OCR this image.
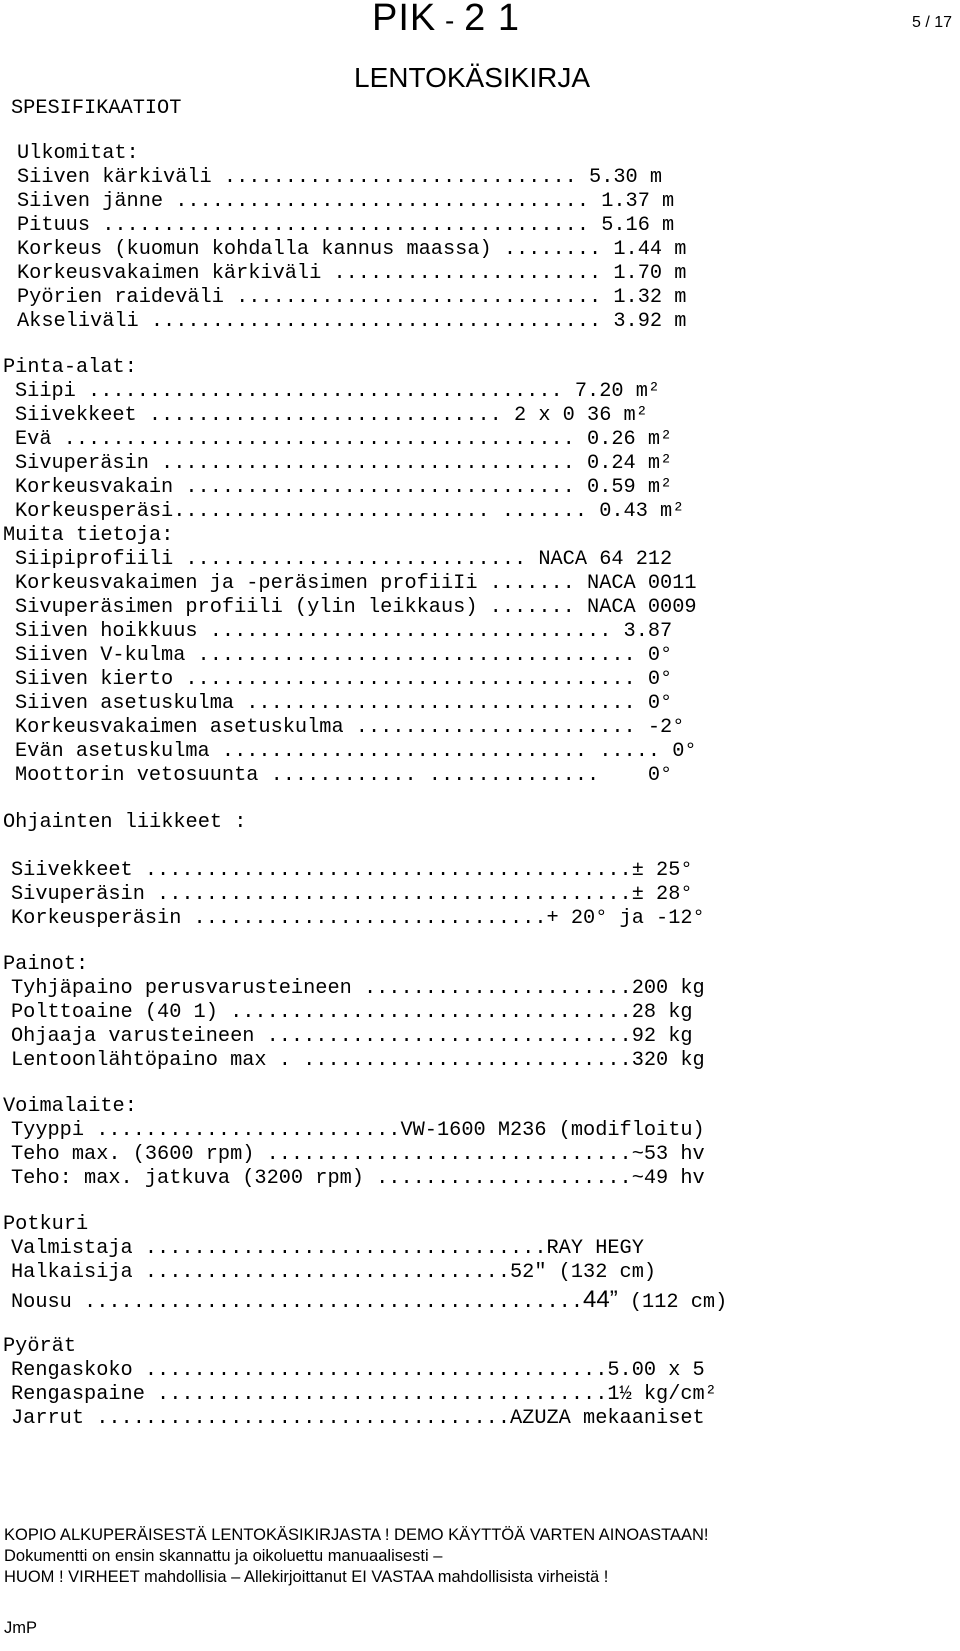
PIK - 2 1	5 / 17
LENTOKÄSIKIRJA
SPESIFIKAATIOT
Ulkomitat:
Siiven kärkiväli ............................. 5.30 m
Siiven jänne .................................. 1.37 m
Pituus ........................................ 5.16 m
Korkeus (kuomun kohdalla kannus maassa) ........ 1.44 m
Korkeusvakaimen kärkiväli ...................... 1.70 m
Pyörien raideväli .............................. 1.32 m
Akseliväli ..................................... 3.92 m
Pinta-alat:
Siipi ....................................... 7.20 m²
Siivekkeet ............................. 2 x 0 36 m²
Evä .......................................... 0.26 m²
Sivuperäsin .................................. 0.24 m²
Korkeusvakain ................................ 0.59 m²
Korkeusperäsi.......................... ....... 0.43 m²
Muita tietoja:
Siipiprofiili ............................ NACA 64 212
Korkeusvakaimen ja -peräsimen profiiIi ....... NACA 0011
Sivuperäsimen profiili (ylin leikkaus) ....... NACA 0009
Siiven hoikkuus ................................. 3.87
Siiven V-kulma .................................... 0°
Siiven kierto ..................................... 0°
Siiven asetuskulma ................................ 0°
Korkeusvakaimen asetuskulma ....................... -2°
Evän asetuskulma .............................. ..... 0°
Moottorin vetosuunta ............ ..............    0°
Ohjainten liikkeet :
Siivekkeet ........................................± 25°
Sivuperäsin .......................................± 28°
Korkeusperäsin .............................+ 20° ja -12°
Painot:
Tyhjäpaino perusvarusteineen ......................200 kg
Polttoaine (40 1) .................................28 kg
Ohjaaja varusteineen ..............................92 kg
Lentoonlähtöpaino max . ...........................320 kg
Voimalaite:
Tyyppi .........................VW-1600 M236 (modifloitu)
Teho max. (3600 rpm) ..............................~53 hv
Teho: max. jatkuva (3200 rpm) .....................~49 hv
Potkuri
Valmistaja .................................RAY HEGY
Halkaisija ..............................52" (132 cm)
Nousu .........................................44” (112 cm)
Pyörät
Rengaskoko ......................................5.00 x 5
Rengaspaine .....................................1½ kg/cm²
Jarrut ..................................AZUZA mekaaniset
KOPIO ALKUPERÄISESTÄ LENTOKÄSIKIRJASTA ! DEMO KÄYTTÖÄ VARTEN AINOASTAAN!
Dokumentti on ensin skannattu ja oikoluettu manuaalisesti –
HUOM ! VIRHEET mahdollisia – Allekirjoittanut EI VASTAA mahdollisista virheistä !
JmP
